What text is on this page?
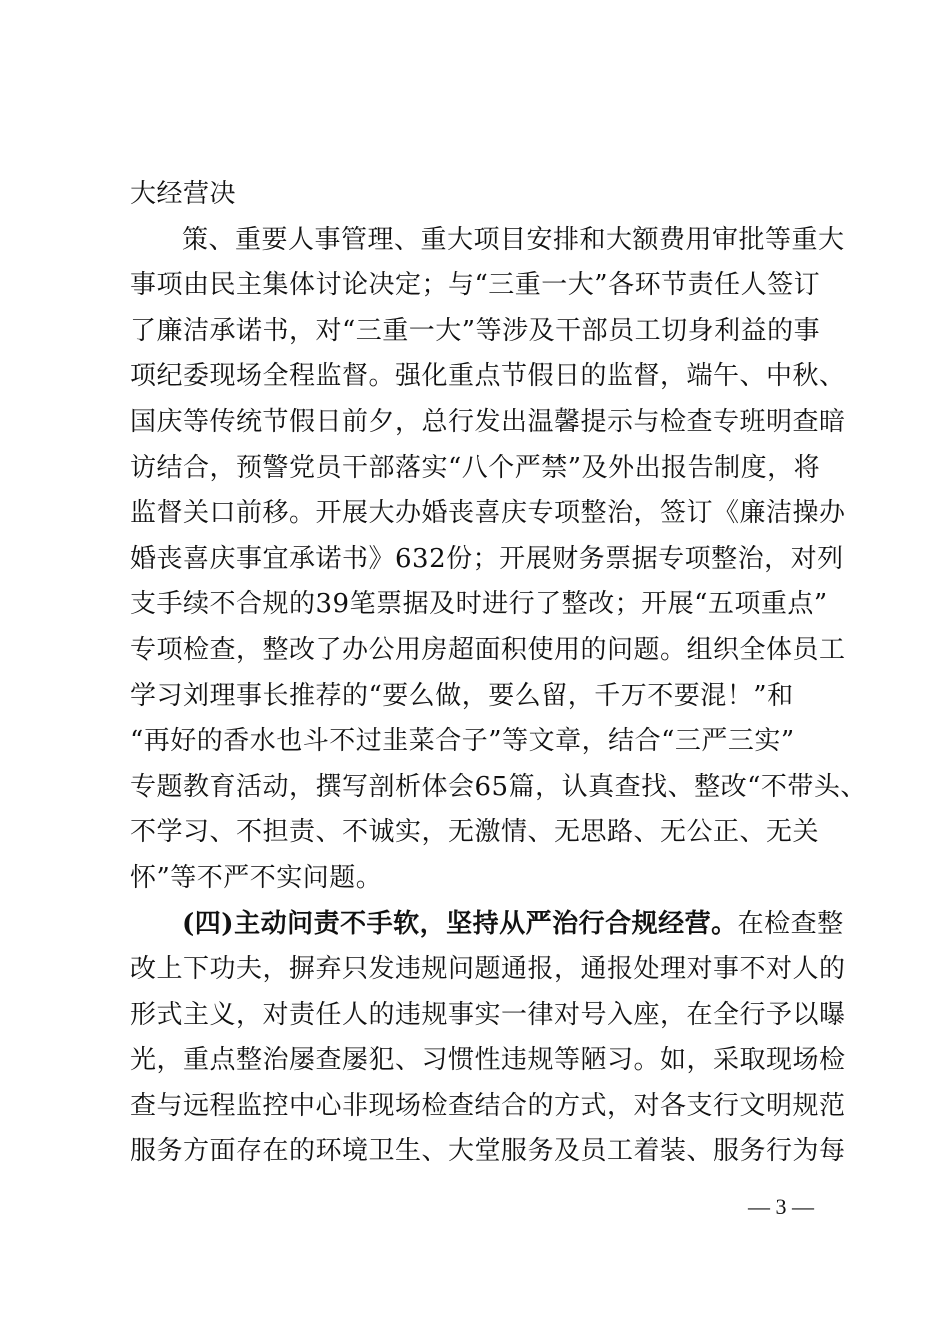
大经营决
策、重要人事管理、重大项目安排和大额费用审批等重大
事项由民主集体讨论决定；与“三重一大”各环节责任人签订
了廉洁承诺书，对“三重一大”等涉及干部员工切身利益的事
项纪委现场全程监督。强化重点节假日的监督，端午、中秋、
国庆等传统节假日前夕，总行发出温馨提示与检查专班明查暗
访结合，预警党员干部落实“八个严禁”及外出报告制度，将
监督关口前移。开展大办婚丧喜庆专项整治，签订《廉洁操办
婚丧喜庆事宜承诺书》632份；开展财务票据专项整治，对列
支手续不合规的39笔票据及时进行了整改；开展“五项重点”
专项检查，整改了办公用房超面积使用的问题。组织全体员工
学习刘理事长推荐的“要么做，要么留，千万不要混！”和
“再好的香水也斗不过韭菜合子”等文章，结合“三严三实”
专题教育活动，撰写剖析体会65篇，认真查找、整改“不带头、
不学习、不担责、不诚实，无激情、无思路、无公正、无关
怀”等不严不实问题。
(四)主动问责不手软，坚持从严治行合规经营。在检查整
改上下功夫，摒弃只发违规问题通报，通报处理对事不对人的
形式主义，对责任人的违规事实一律对号入座，在全行予以曝
光，重点整治屡查屡犯、习惯性违规等陋习。如，采取现场检
查与远程监控中心非现场检查结合的方式，对各支行文明规范
服务方面存在的环境卫生、大堂服务及员工着装、服务行为每
— 3 —
